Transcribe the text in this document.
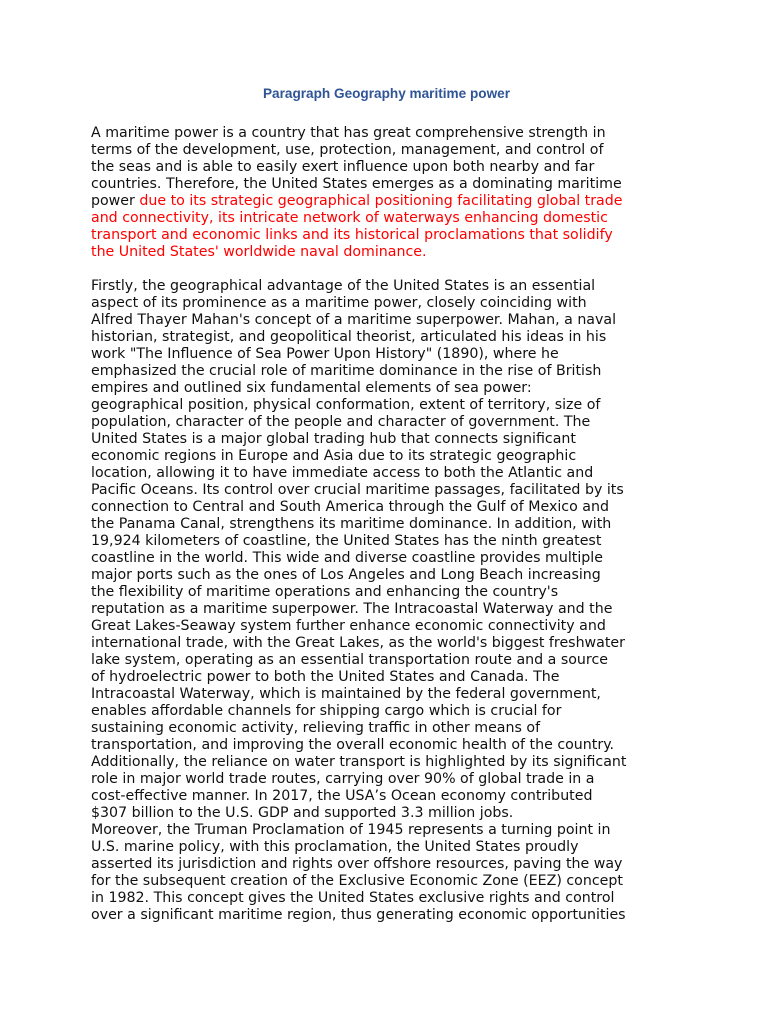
Paragraph Geography maritime power

A maritime power is a country that has great comprehensive strength in
terms of the development, use, protection, management, and control of
the seas and is able to easily exert influence upon both nearby and far
countries. Therefore, the United States emerges as a dominating maritime
power due to its strategic geographical positioning facilitating global trade
and connectivity, its intricate network of waterways enhancing domestic
transport and economic links and its historical proclamations that solidify
the United States' worldwide naval dominance.

Firstly, the geographical advantage of the United States is an essential
aspect of its prominence as a maritime power, closely coinciding with
Alfred Thayer Mahan's concept of a maritime superpower. Mahan, a naval
historian, strategist, and geopolitical theorist, articulated his ideas in his
work "The Influence of Sea Power Upon History" (1890), where he
emphasized the crucial role of maritime dominance in the rise of British
empires and outlined six fundamental elements of sea power:
geographical position, physical conformation, extent of territory, size of
population, character of the people and character of government. The
United States is a major global trading hub that connects significant
economic regions in Europe and Asia due to its strategic geographic
location, allowing it to have immediate access to both the Atlantic and
Pacific Oceans. Its control over crucial maritime passages, facilitated by its
connection to Central and South America through the Gulf of Mexico and
the Panama Canal, strengthens its maritime dominance. In addition, with
19,924 kilometers of coastline, the United States has the ninth greatest
coastline in the world. This wide and diverse coastline provides multiple
major ports such as the ones of Los Angeles and Long Beach increasing
the flexibility of maritime operations and enhancing the country's
reputation as a maritime superpower. The Intracoastal Waterway and the
Great Lakes-Seaway system further enhance economic connectivity and
international trade, with the Great Lakes, as the world's biggest freshwater
lake system, operating as an essential transportation route and a source
of hydroelectric power to both the United States and Canada. The
Intracoastal Waterway, which is maintained by the federal government,
enables affordable channels for shipping cargo which is crucial for
sustaining economic activity, relieving traffic in other means of
transportation, and improving the overall economic health of the country.
Additionally, the reliance on water transport is highlighted by its significant
role in major world trade routes, carrying over 90% of global trade in a
cost-effective manner. In 2017, the USA’s Ocean economy contributed
$307 billion to the U.S. GDP and supported 3.3 million jobs.

Moreover, the Truman Proclamation of 1945 represents a turning point in
U.S. marine policy, with this proclamation, the United States proudly
asserted its jurisdiction and rights over offshore resources, paving the way
for the subsequent creation of the Exclusive Economic Zone (EEZ) concept
in 1982. This concept gives the United States exclusive rights and control
over a significant maritime region, thus generating economic opportunities
